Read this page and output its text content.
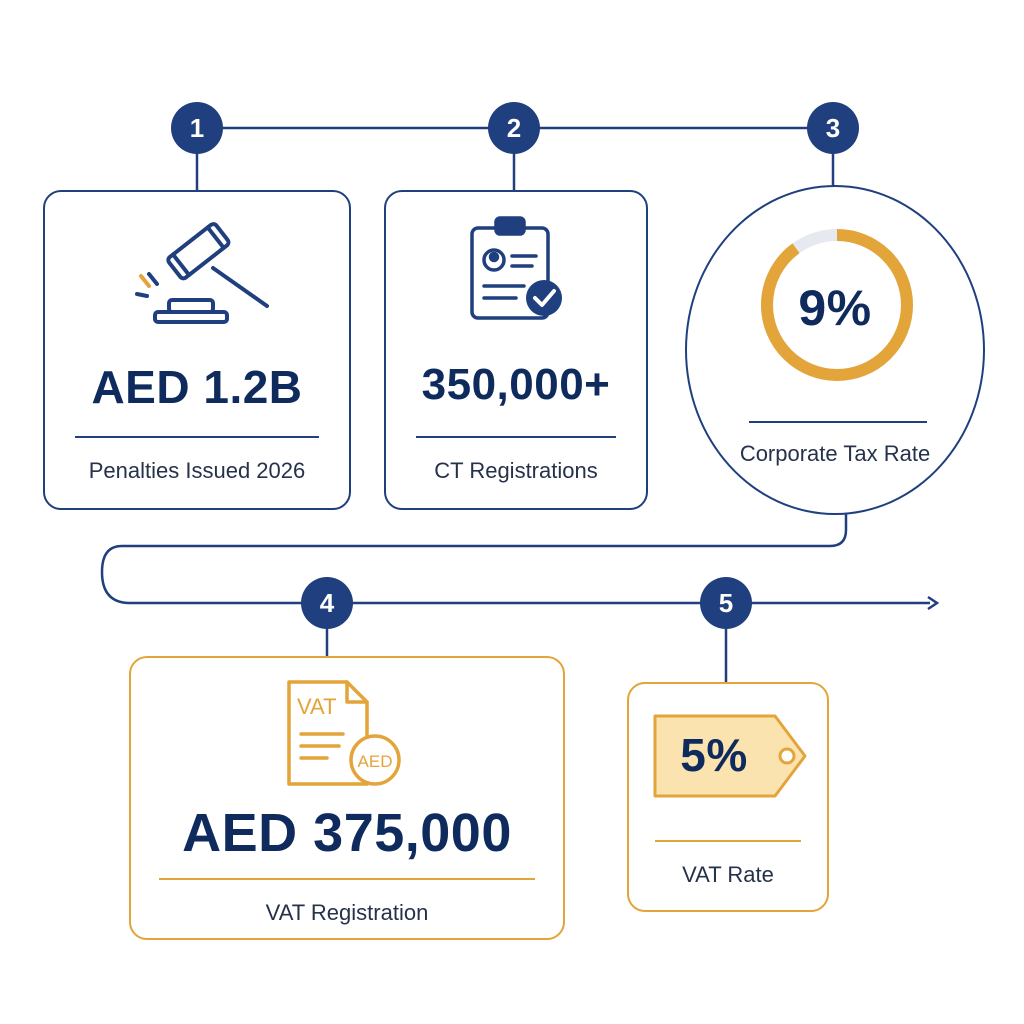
1	2	3
4	5
AED 1.2B
Penalties Issued 2026
350,000+
CT Registrations
9%
Corporate Tax Rate
VAT
AED
AED 375,000
VAT Registration
5%
VAT Rate
